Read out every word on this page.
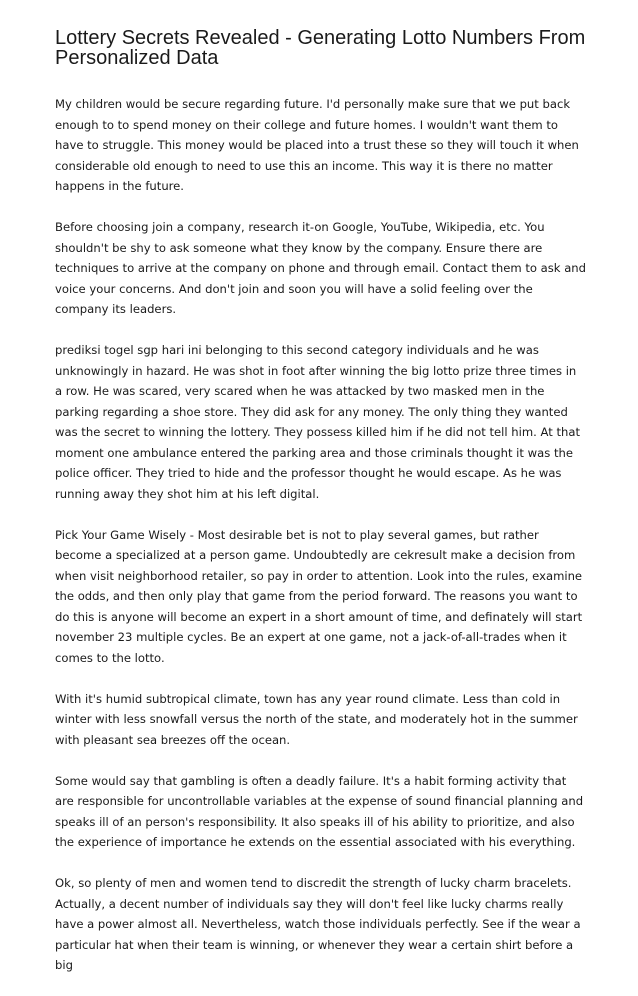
Lottery Secrets Revealed - Generating Lotto Numbers From Personalized Data

My children would be secure regarding future. I'd personally make sure that we put back enough to to spend money on their college and future homes. I wouldn't want them to have to struggle. This money would be placed into a trust these so they will touch it when considerable old enough to need to use this an income. This way it is there no matter happens in the future.

Before choosing join a company, research it-on Google, YouTube, Wikipedia, etc. You shouldn't be shy to ask someone what they know by the company. Ensure there are techniques to arrive at the company on phone and through email. Contact them to ask and voice your concerns. And don't join and soon you will have a solid feeling over the company its leaders.

prediksi togel sgp hari ini belonging to this second category individuals and he was unknowingly in hazard. He was shot in foot after winning the big lotto prize three times in a row. He was scared, very scared when he was attacked by two masked men in the parking regarding a shoe store. They did ask for any money. The only thing they wanted was the secret to winning the lottery. They possess killed him if he did not tell him. At that moment one ambulance entered the parking area and those criminals thought it was the police officer. They tried to hide and the professor thought he would escape. As he was running away they shot him at his left digital.

Pick Your Game Wisely - Most desirable bet is not to play several games, but rather become a specialized at a person game. Undoubtedly are cekresult make a decision from when visit neighborhood retailer, so pay in order to attention. Look into the rules, examine the odds, and then only play that game from the period forward. The reasons you want to do this is anyone will become an expert in a short amount of time, and definately will start november 23 multiple cycles. Be an expert at one game, not a jack-of-all-trades when it comes to the lotto.

With it's humid subtropical climate, town has any year round climate. Less than cold in winter with less snowfall versus the north of the state, and moderately hot in the summer with pleasant sea breezes off the ocean.

Some would say that gambling is often a deadly failure. It's a habit forming activity that are responsible for uncontrollable variables at the expense of sound financial planning and speaks ill of an person's responsibility. It also speaks ill of his ability to prioritize, and also the experience of importance he extends on the essential associated with his everything.

Ok, so plenty of men and women tend to discredit the strength of lucky charm bracelets. Actually, a decent number of individuals say they will don't feel like lucky charms really have a power almost all. Nevertheless, watch those individuals perfectly. See if the wear a particular hat when their team is winning, or whenever they wear a certain shirt before a big
